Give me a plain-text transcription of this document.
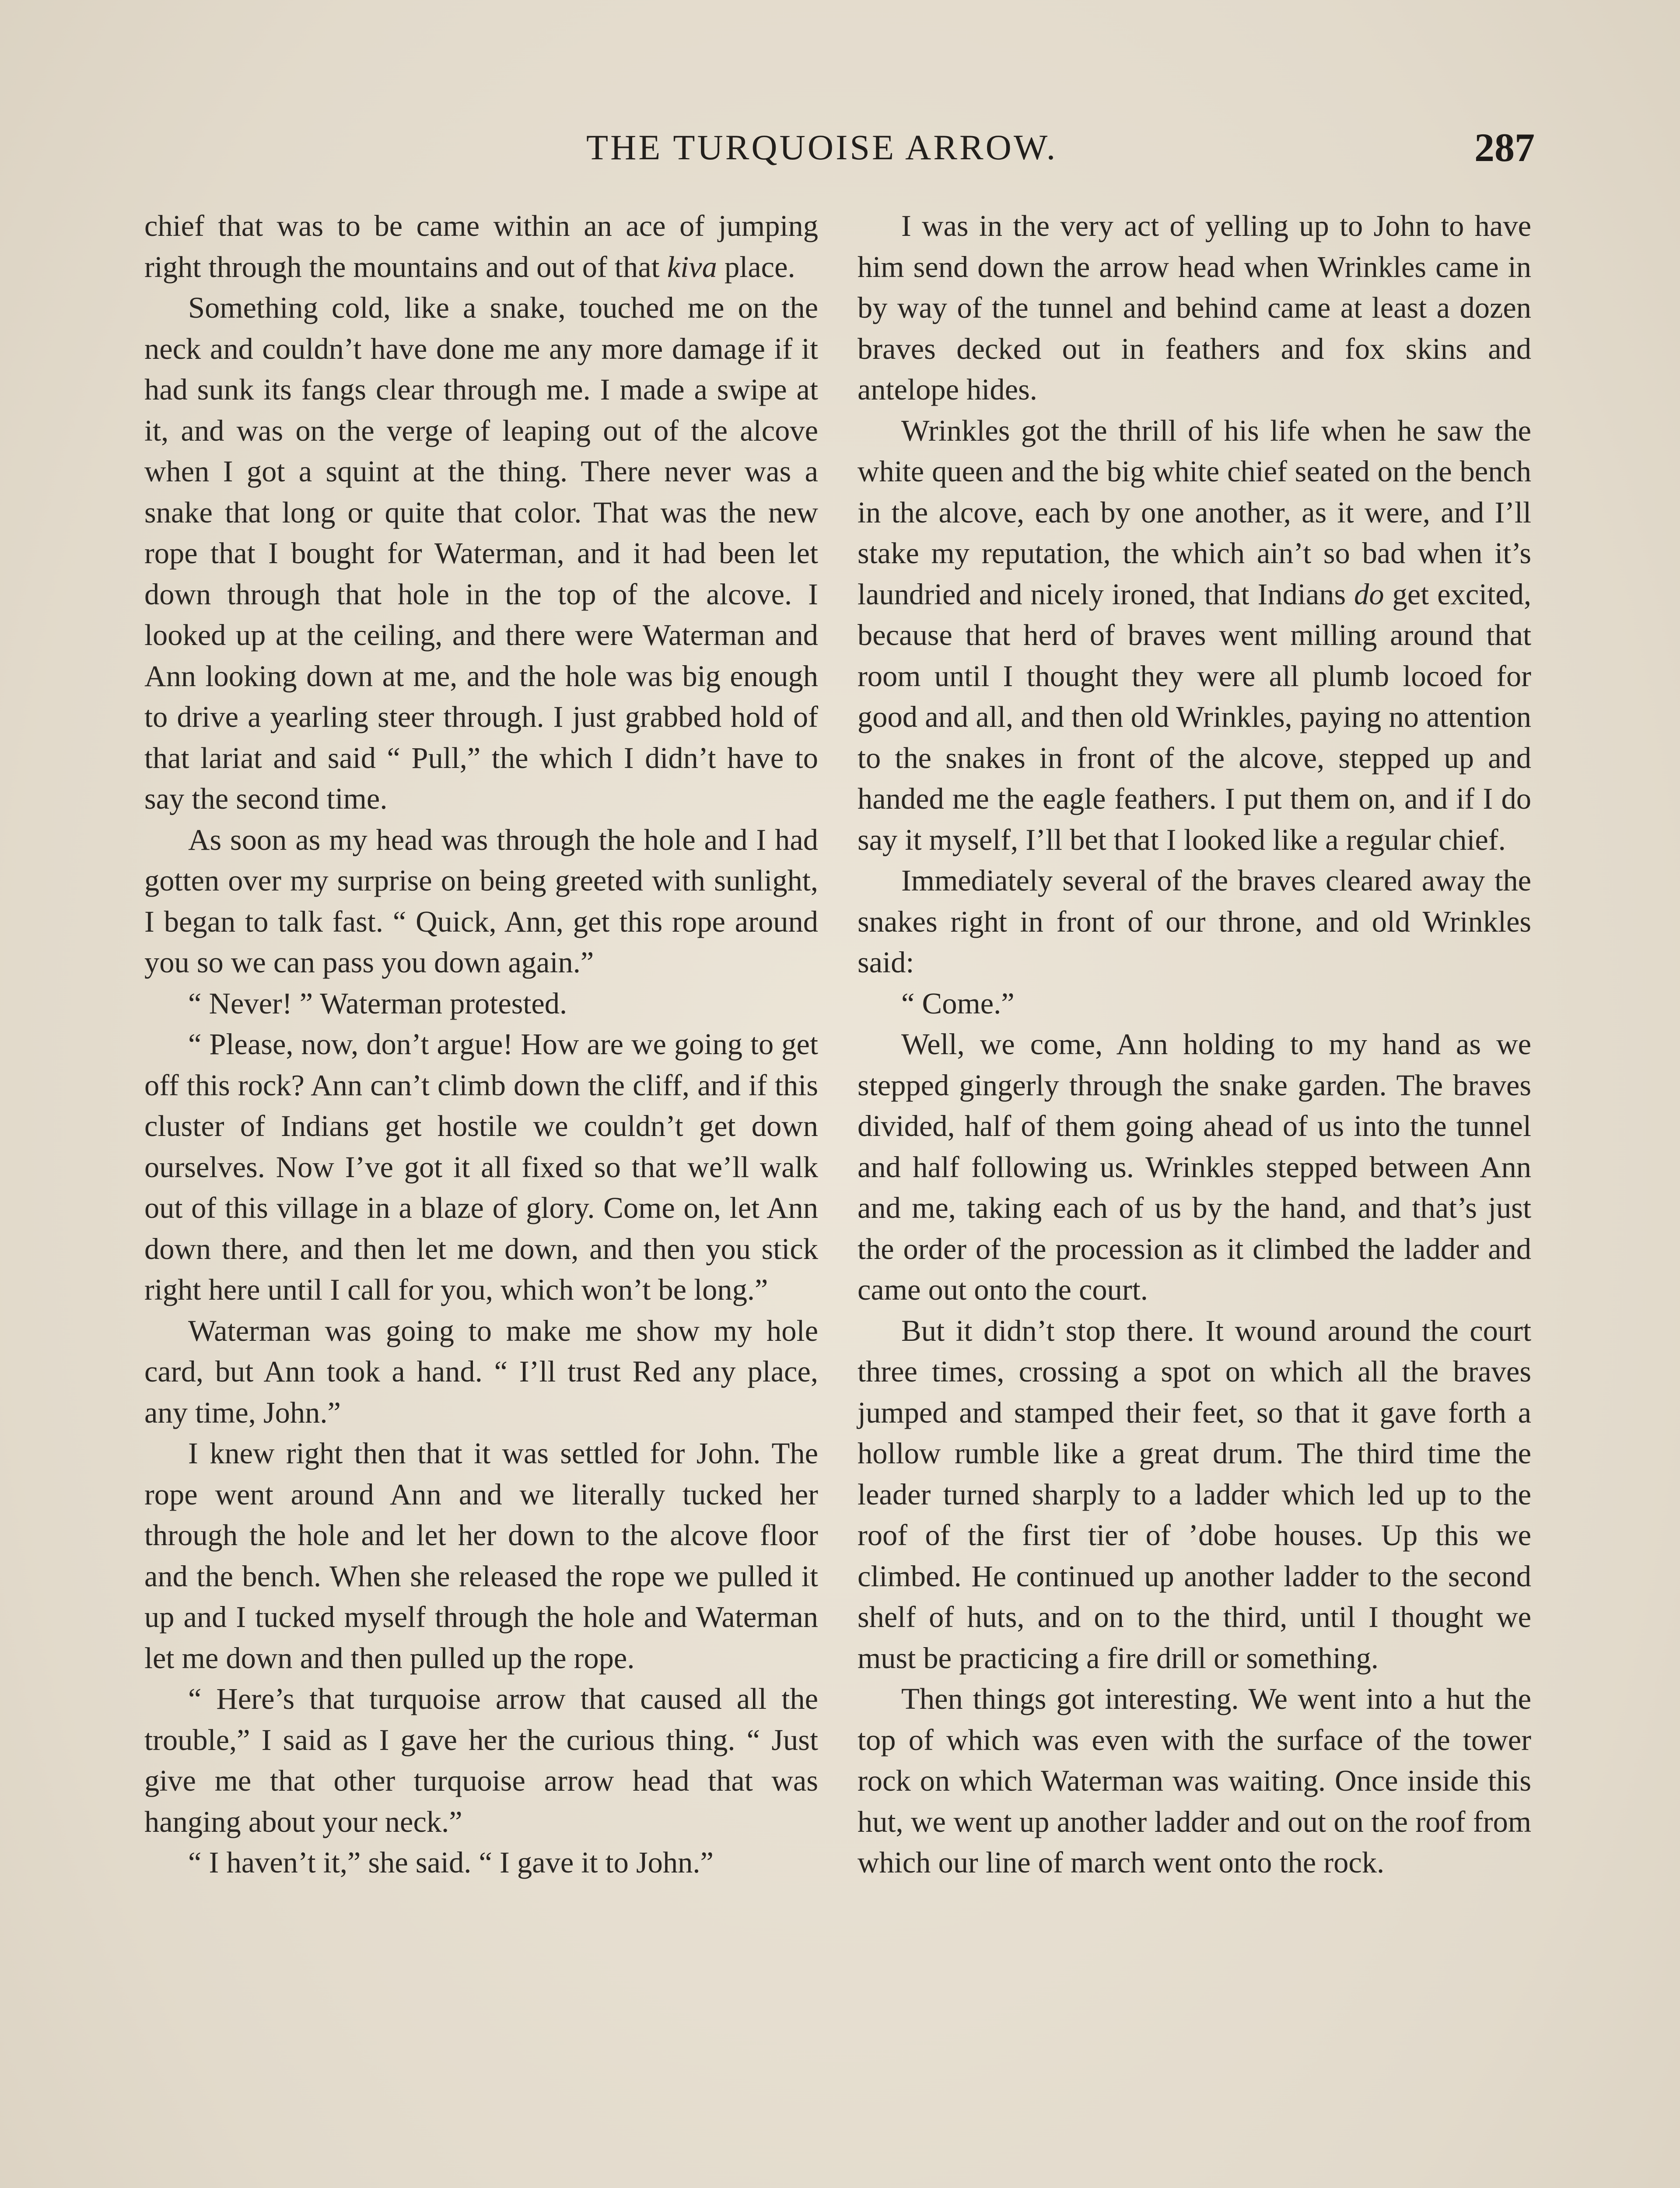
THE TURQUOISE ARROW.	287

chief that was to be came within an ace of jumping right through the mountains and out of that kiva place.

Something cold, like a snake, touched me on the neck and couldn’t have done me any more damage if it had sunk its fangs clear through me. I made a swipe at it, and was on the verge of leaping out of the alcove when I got a squint at the thing. There never was a snake that long or quite that color. That was the new rope that I bought for Waterman, and it had been let down through that hole in the top of the alcove. I looked up at the ceiling, and there were Waterman and Ann looking down at me, and the hole was big enough to drive a yearling steer through. I just grabbed hold of that lariat and said “ Pull,” the which I didn’t have to say the second time.

As soon as my head was through the hole and I had gotten over my surprise on being greeted with sunlight, I began to talk fast. “ Quick, Ann, get this rope around you so we can pass you down again.”

“ Never! ” Waterman protested.

“ Please, now, don’t argue! How are we going to get off this rock? Ann can’t climb down the cliff, and if this cluster of Indians get hostile we couldn’t get down ourselves. Now I’ve got it all fixed so that we’ll walk out of this village in a blaze of glory. Come on, let Ann down there, and then let me down, and then you stick right here until I call for you, which won’t be long.”

Waterman was going to make me show my hole card, but Ann took a hand. “ I’ll trust Red any place, any time, John.”

I knew right then that it was settled for John. The rope went around Ann and we literally tucked her through the hole and let her down to the alcove floor and the bench. When she released the rope we pulled it up and I tucked myself through the hole and Waterman let me down and then pulled up the rope.

“ Here’s that turquoise arrow that caused all the trouble,” I said as I gave her the curious thing. “ Just give me that other turquoise arrow head that was hanging about your neck.”

“ I haven’t it,” she said. “ I gave it to John.”

I was in the very act of yelling up to John to have him send down the arrow head when Wrinkles came in by way of the tunnel and behind came at least a dozen braves decked out in feathers and fox skins and antelope hides.

Wrinkles got the thrill of his life when he saw the white queen and the big white chief seated on the bench in the alcove, each by one another, as it were, and I’ll stake my reputation, the which ain’t so bad when it’s laundried and nicely ironed, that Indians do get excited, because that herd of braves went milling around that room until I thought they were all plumb locoed for good and all, and then old Wrinkles, paying no attention to the snakes in front of the alcove, stepped up and handed me the eagle feathers. I put them on, and if I do say it myself, I’ll bet that I looked like a regular chief.

Immediately several of the braves cleared away the snakes right in front of our throne, and old Wrinkles said:

“ Come.”

Well, we come, Ann holding to my hand as we stepped gingerly through the snake garden. The braves divided, half of them going ahead of us into the tunnel and half following us. Wrinkles stepped between Ann and me, taking each of us by the hand, and that’s just the order of the procession as it climbed the ladder and came out onto the court.

But it didn’t stop there. It wound around the court three times, crossing a spot on which all the braves jumped and stamped their feet, so that it gave forth a hollow rumble like a great drum. The third time the leader turned sharply to a ladder which led up to the roof of the first tier of ’dobe houses. Up this we climbed. He continued up another ladder to the second shelf of huts, and on to the third, until I thought we must be practicing a fire drill or something.

Then things got interesting. We went into a hut the top of which was even with the surface of the tower rock on which Waterman was waiting. Once inside this hut, we went up another ladder and out on the roof from which our line of march went onto the rock.
